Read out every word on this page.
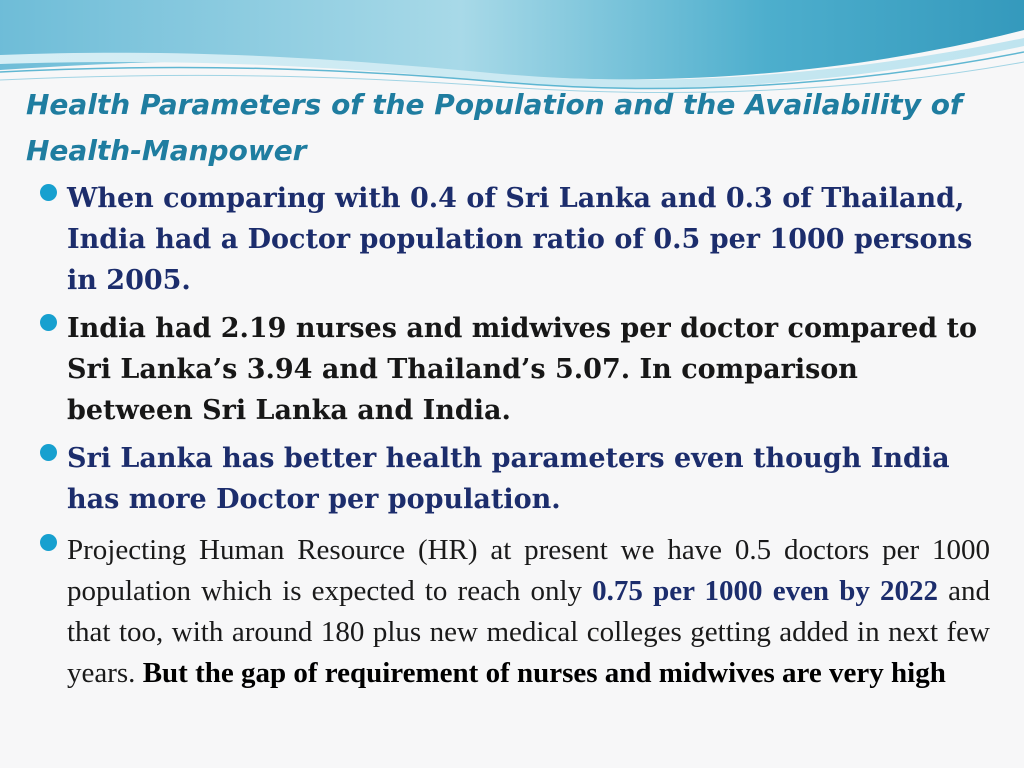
Health Parameters of the Population and the Availability of Health-Manpower

When comparing with 0.4 of Sri Lanka and 0.3 of Thailand, India had a Doctor population ratio of 0.5 per 1000 persons in 2005.

India had 2.19 nurses and midwives per doctor compared to Sri Lanka’s 3.94 and Thailand’s 5.07. In comparison between Sri Lanka and India.

Sri Lanka has better health parameters even though India has more Doctor per population.

Projecting Human Resource (HR) at present we have 0.5 doctors per 1000 population which is expected to reach only 0.75 per 1000 even by 2022 and that too, with around 180 plus new medical colleges getting added in next few years. But the gap of requirement of nurses and midwives are very high
